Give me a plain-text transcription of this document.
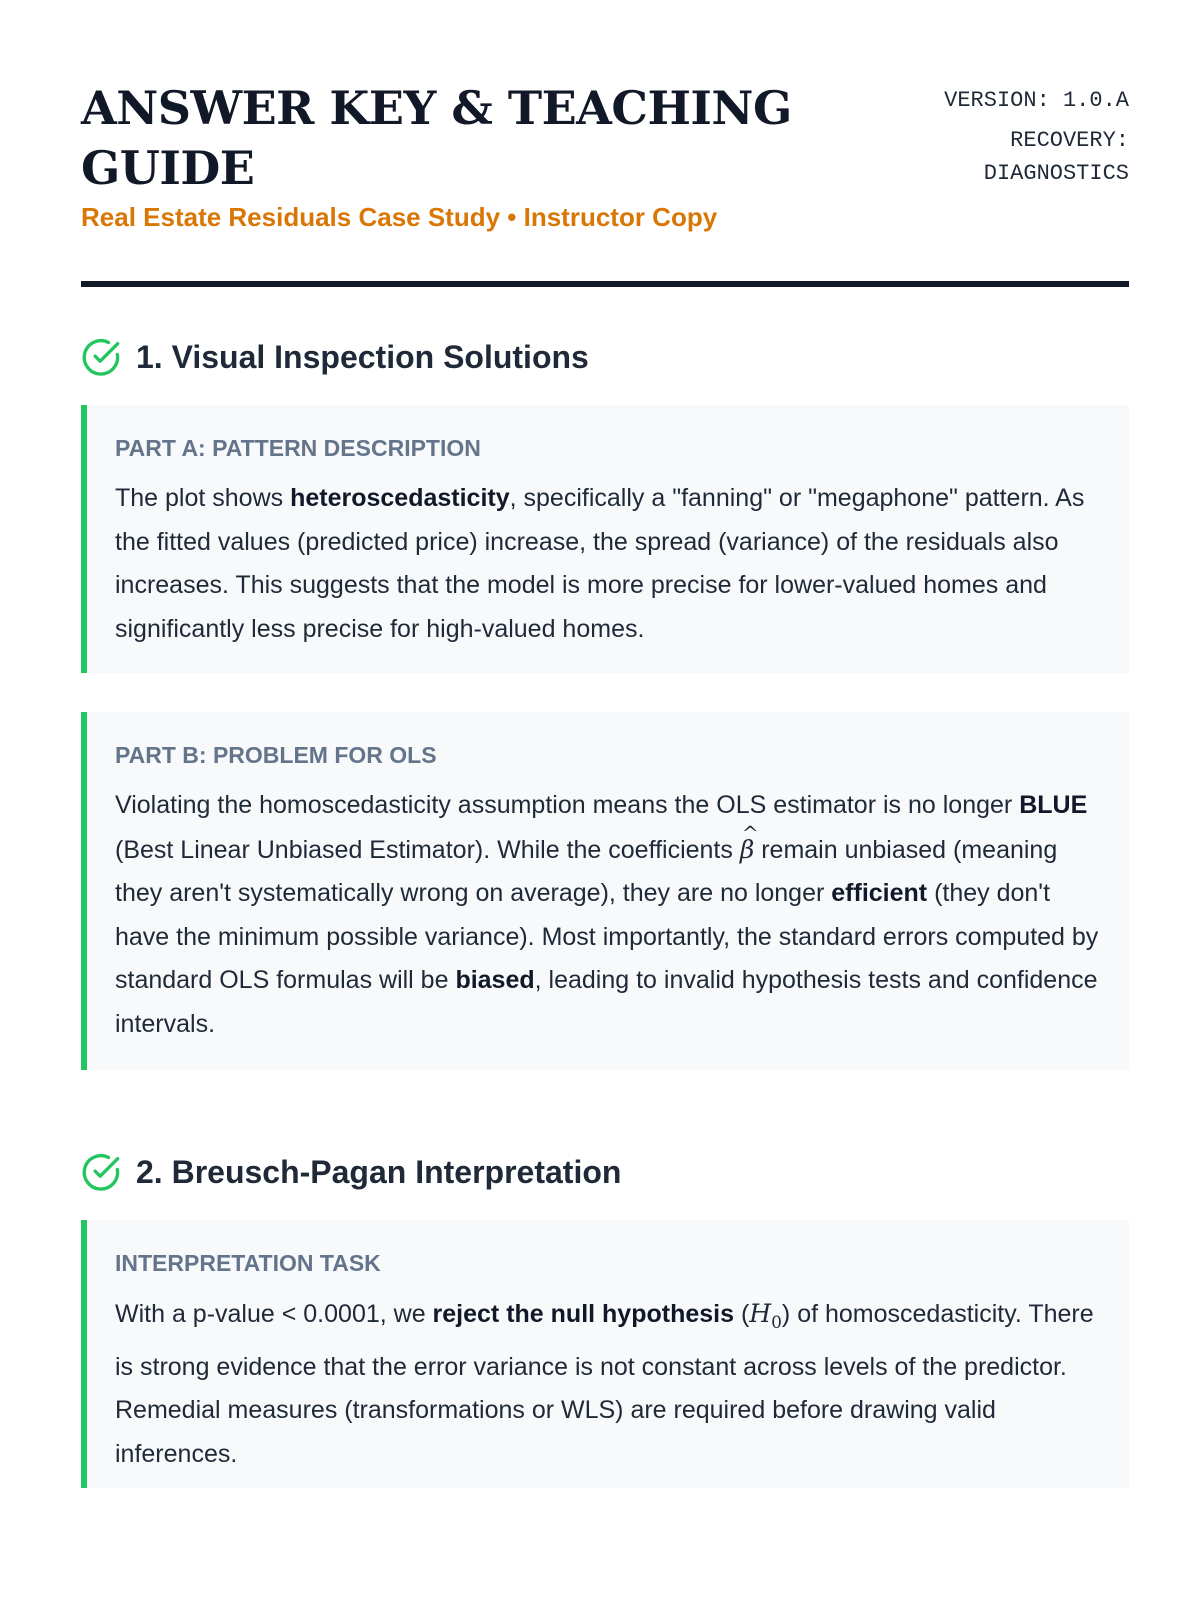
ANSWER KEY & TEACHING GUIDE

Real Estate Residuals Case Study • Instructor Copy

VERSION: 1.0.A
RECOVERY:
DIAGNOSTICS
1. Visual Inspection Solutions

PART A: PATTERN DESCRIPTION

The plot shows heteroscedasticity, specifically a "fanning" or "megaphone" pattern. As the fitted values (predicted price) increase, the spread (variance) of the residuals also increases. This suggests that the model is more precise for lower-valued homes and significantly less precise for high-valued homes.

PART B: PROBLEM FOR OLS

Violating the homoscedasticity assumption means the OLS estimator is no longer BLUE (Best Linear Unbiased Estimator). While the coefficients ^ β remain unbiased (meaning they aren't systematically wrong on average), they are no longer efficient (they don't have the minimum possible variance). Most importantly, the standard errors computed by standard OLS formulas will be biased, leading to invalid hypothesis tests and confidence intervals.

2. Breusch-Pagan Interpretation

INTERPRETATION TASK

With a p-value < 0.0001, we reject the null hypothesis $(H_0)$ of homoscedasticity. There is strong evidence that the error variance is not constant across levels of the predictor. Remedial measures (transformations or WLS) are required before drawing valid inferences.
